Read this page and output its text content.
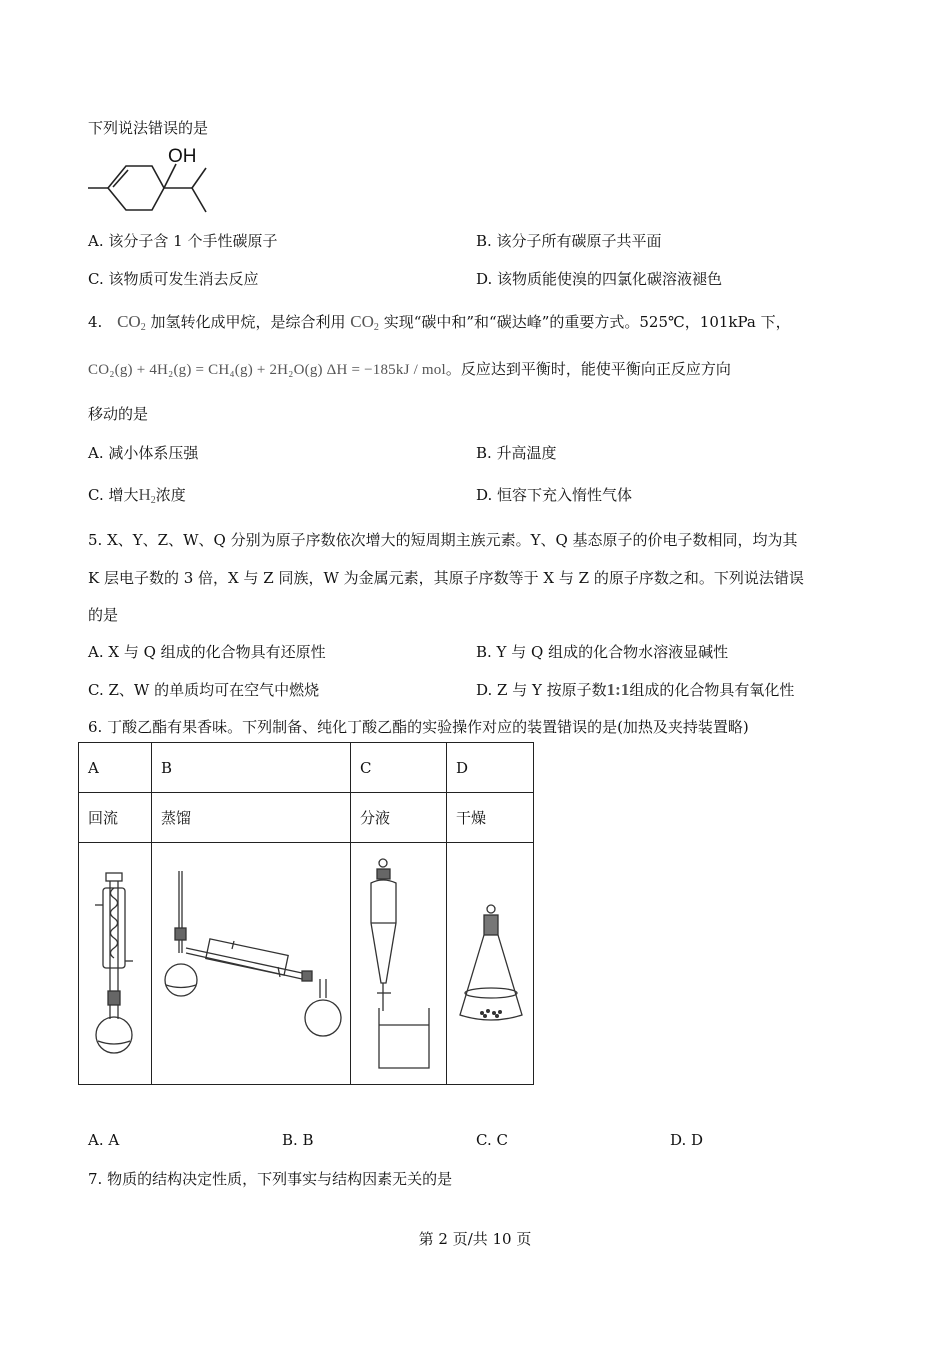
下列说法错误的是
OH
A. 该分子含 1 个手性碳原子	B. 该分子所有碳原子共平面
C. 该物质可发生消去反应	D. 该物质能使溴的四氯化碳溶液褪色
4. $CO_2$ 加氢转化成甲烷，是综合利用 $CO_2$ 实现“碳中和”和“碳达峰”的重要方式。525℃，101kPa 下，
CO₂(g) + 4H₂(g) = CH₄(g) + 2H₂O(g) ΔH = −185kJ / mol。反应达到平衡时，能使平衡向正反应方向
移动的是
A. 减小体系压强	B. 升高温度
C. 增大$H_2$浓度	D. 恒容下充入惰性气体
5. X、Y、Z、W、Q 分别为原子序数依次增大的短周期主族元素。Y、Q 基态原子的价电子数相同，均为其
K 层电子数的 3 倍，X 与 Z 同族，W 为金属元素，其原子序数等于 X 与 Z 的原子序数之和。下列说法错误
的是
A. X 与 Q 组成的化合物具有还原性	B. Y 与 Q 组成的化合物水溶液显碱性
C. Z、W 的单质均可在空气中燃烧	D. Z 与 Y 按原子数1:1组成的化合物具有氧化性
6. 丁酸乙酯有果香味。下列制备、纯化丁酸乙酯的实验操作对应的装置错误的是(加热及夹持装置略)
A	B	C	D
回流	蒸馏	分液	干燥

A. A	B. B	C. C	D. D
7. 物质的结构决定性质，下列事实与结构因素无关的是
第 2 页/共 10 页
